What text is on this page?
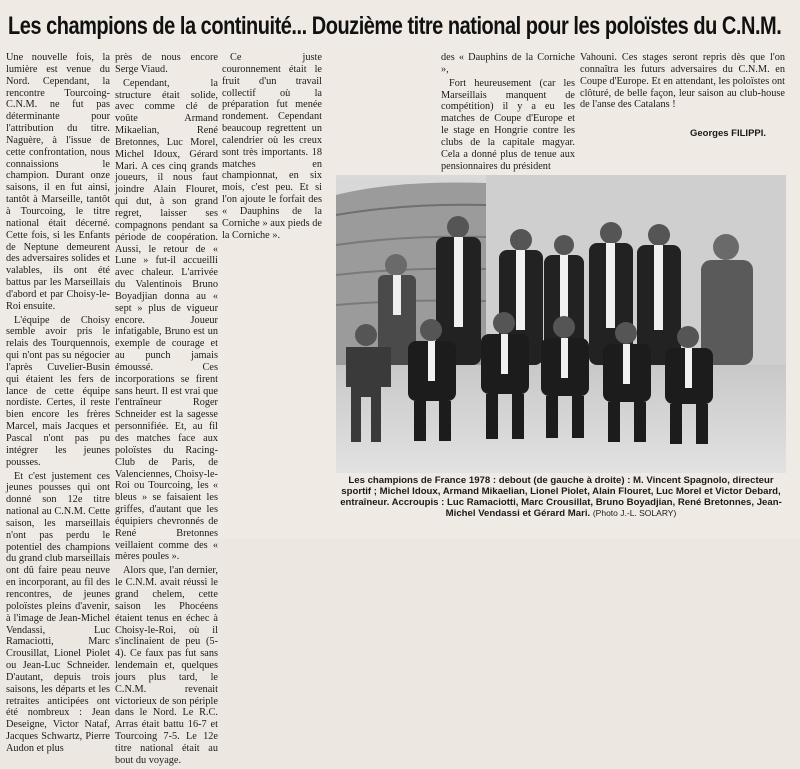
Les champions de la continuité... Douzième titre national pour les poloïstes du C.N.M.

Une nouvelle fois, la lumière est venue du Nord. Cependant, la rencontre Tourcoing-C.N.M. ne fut pas déterminante pour l'attribution du titre. Naguère, à l'issue de cette confrontation, nous connaissions le champion. Durant onze saisons, il en fut ainsi, tantôt à Marseille, tantôt à Tourcoing, le titre national était décerné. Cette fois, si les Enfants de Neptune demeurent des adversaires solides et valables, ils ont été battus par les Marseillais d'abord et par Choisy-le-Roi ensuite.

L'équipe de Choisy semble avoir pris le relais des Tourquennois, qui n'ont pas su négocier l'après Cuvelier-Busin qui étaient les fers de lance de cette équipe nordiste. Certes, il reste bien encore les frères Marcel, mais Jacques et Pascal n'ont pas pu intégrer les jeunes pousses.

Et c'est justement ces jeunes pousses qui ont donné son 12e titre national au C.N.M. Cette saison, les marseillais n'ont pas perdu le potentiel des champions du grand club marseillais ont dû faire peau neuve en incorporant, au fil des rencontres, de jeunes poloïstes pleins d'avenir, à l'image de Jean-Michel Vendassi, Luc Ramaciotti, Marc Crousillat, Lionel Piolet ou Jean-Luc Schneider. D'autant, depuis trois saisons, les départs et les retraites anticipées ont été nombreux : Jean Deseigne, Victor Nataf, Jacques Schwartz, Pierre Audon et plus

près de nous encore Serge Viaud.

Cependant, la structure était solide, avec comme clé de voûte Armand Mikaelian, René Bretonnes, Luc Morel, Michel Idoux, Gérard Mari. A ces cinq grands joueurs, il nous faut joindre Alain Flouret, qui dut, à son grand regret, laisser ses compagnons pendant sa période de coopération. Aussi, le retour de « Lune » fut-il accueilli avec chaleur. L'arrivée du Valentinois Bruno Boyadjian donna au « sept » plus de vigueur encore. Joueur infatigable, Bruno est un exemple de courage et au punch jamais émoussé. Ces incorporations se firent sans heurt. Il est vrai que l'entraîneur Roger Schneider est la sagesse personnifiée. Et, au fil des matches face aux poloïstes du Racing-Club de Paris, de Valenciennes, Choisy-le-Roi ou Tourcoing, les « bleus » se faisaient les griffes, d'autant que les équipiers chevronnés de René Bretonnes veillaient comme des « mères poules ».

Alors que, l'an dernier, le C.N.M. avait réussi le grand chelem, cette saison les Phocéens étaient tenus en échec à Choisy-le-Roi, où il s'inclinaient de peu (5-4). Ce faux pas fut sans lendemain et, quelques jours plus tard, le C.N.M. revenait victorieux de son périple dans le Nord. Le R.C. Arras était battu 16-7 et Tourcoing 7-5. Le 12e titre national était au bout du voyage.

Ce juste couronnement était le fruit d'un travail collectif où la préparation fut menée rondement. Cependant beaucoup regrettent un calendrier où les creux sont très importants. 18 matches en championnat, en six mois, c'est peu. Et si l'on ajoute le forfait des « Dauphins de la Corniche » aux pieds de la Corniche ».

des « Dauphins de la Corniche »,

Fort heureusement (car les Marseillais manquent de compétition) il y a eu les matches de Coupe d'Europe et le stage en Hongrie contre les clubs de la capitale magyar. Cela a donné plus de tenue aux pensionnaires du président

Vahouni. Ces stages seront repris dès que l'on connaîtra les futurs adversaires du C.N.M. en Coupe d'Europe. Et en attendant, les poloïstes ont clôturé, de belle façon, leur saison au club-house de l'anse des Catalans !

Georges FILIPPI.

Les champions de France 1978 : debout (de gauche à droite) : M. Vincent Spagnolo, directeur sportif ; Michel Idoux, Armand Mikaelian, Lionel Piolet, Alain Flouret, Luc Morel et Victor Debard, entraîneur. Accroupis : Luc Ramaciotti, Marc Crousillat, Bruno Boyadjian, René Bretonnes, Jean-Michel Vendassi et Gérard Mari. (Photo J.-L. SOLARY)
